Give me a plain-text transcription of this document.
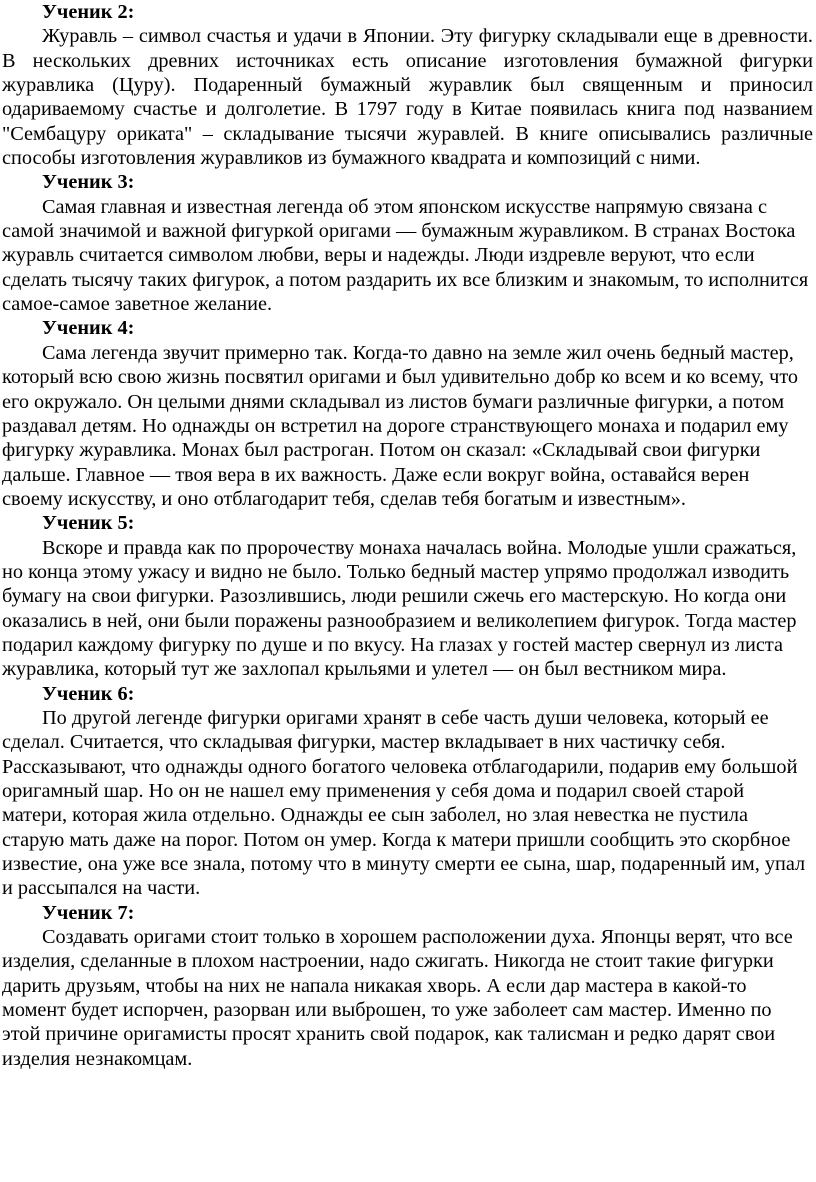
Ученик 2:

Журавль – символ счастья и удачи в Японии. Эту фигурку складывали еще в древности. В нескольких древних источниках есть описание изготовления бумажной фигурки журавлика (Цуру). Подаренный бумажный журавлик был священным и приносил одариваемому счастье и долголетие. В 1797 году в Китае появилась книга под названием "Сембацуру ориката" – складывание тысячи журавлей. В книге описывались различные способы изготовления журавликов из бумажного квадрата и композиций с ними.

Ученик 3:

Самая главная и известная легенда об этом японском искусстве напрямую связана с самой значимой и важной фигуркой оригами — бумажным журавликом. В странах Востока журавль считается символом любви, веры и надежды. Люди издревле веруют, что если сделать тысячу таких фигурок, а потом раздарить их все близким и знакомым, то исполнится самое-самое заветное желание.

Ученик 4:

Сама легенда звучит примерно так. Когда-то давно на земле жил очень бедный мастер, который всю свою жизнь посвятил оригами и был удивительно добр ко всем и ко всему, что его окружало. Он целыми днями складывал из листов бумаги различные фигурки, а потом раздавал детям. Но однажды он встретил на дороге странствующего монаха и подарил ему фигурку журавлика. Монах был растроган. Потом он сказал: «Складывай свои фигурки дальше. Главное — твоя вера в их важность. Даже если вокруг война, оставайся верен своему искусству, и оно отблагодарит тебя, сделав тебя богатым и известным».

Ученик 5:

Вскоре и правда как по пророчеству монаха началась война. Молодые ушли сражаться, но конца этому ужасу и видно не было. Только бедный мастер упрямо продолжал изводить бумагу на свои фигурки. Разозлившись, люди решили сжечь его мастерскую. Но когда они оказались в ней, они были поражены разнообразием и великолепием фигурок. Тогда мастер подарил каждому фигурку по душе и по вкусу. На глазах у гостей мастер свернул из листа журавлика, который тут же захлопал крыльями и улетел — он был вестником мира.

Ученик 6:

По другой легенде фигурки оригами хранят в себе часть души человека, который ее сделал. Считается, что складывая фигурки, мастер вкладывает в них частичку себя. Рассказывают, что однажды одного богатого человека отблагодарили, подарив ему большой оригамный шар. Но он не нашел ему применения у себя дома и подарил своей старой матери, которая жила отдельно. Однажды ее сын заболел, но злая невестка не пустила старую мать даже на порог. Потом он умер. Когда к матери пришли сообщить это скорбное известие, она уже все знала, потому что в минуту смерти ее сына, шар, подаренный им, упал и рассыпался на части.

Ученик 7:

Создавать оригами стоит только в хорошем расположении духа. Японцы верят, что все изделия, сделанные в плохом настроении, надо сжигать. Никогда не стоит такие фигурки дарить друзьям, чтобы на них не напала никакая хворь. А если дар мастера в какой-то момент будет испорчен, разорван или выброшен, то уже заболеет сам мастер. Именно по этой причине оригамисты просят хранить свой подарок, как талисман и редко дарят свои изделия незнакомцам.
